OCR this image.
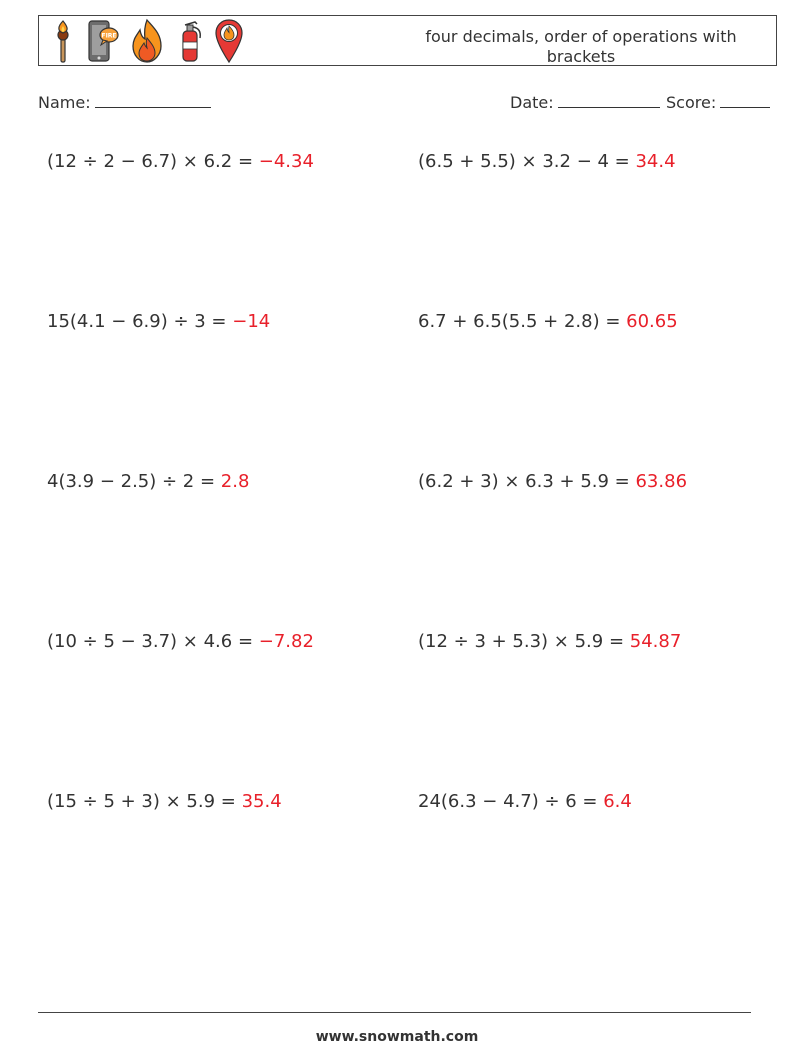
FIRE	four decimals, order of operations with brackets
Name:	Date:	Score:
(12 ÷ 2 − 6.7) × 6.2 = −4.34	(6.5 + 5.5) × 3.2 − 4 = 34.4
15(4.1 − 6.9) ÷ 3 = −14	6.7 + 6.5(5.5 + 2.8) = 60.65
4(3.9 − 2.5) ÷ 2 = 2.8	(6.2 + 3) × 6.3 + 5.9 = 63.86
(10 ÷ 5 − 3.7) × 4.6 = −7.82	(12 ÷ 3 + 5.3) × 5.9 = 54.87
(15 ÷ 5 + 3) × 5.9 = 35.4	24(6.3 − 4.7) ÷ 6 = 6.4
www.snowmath.com
